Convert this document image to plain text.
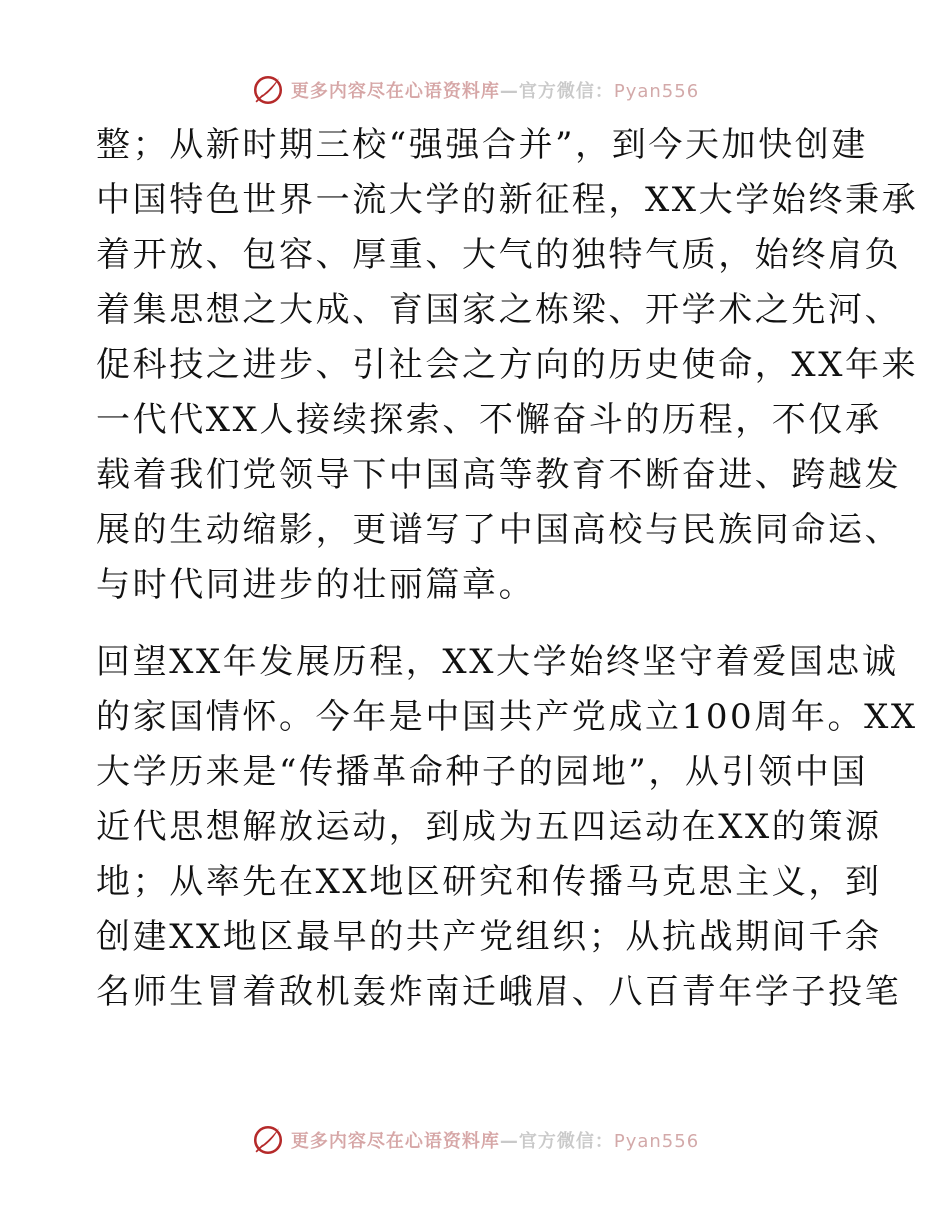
更多内容尽在心语资料库—官方微信：Pyan556
整；从新时期三校“强强合并”，到今天加快创建
中国特色世界一流大学的新征程，XX大学始终秉承
着开放、包容、厚重、大气的独特气质，始终肩负
着集思想之大成、育国家之栋梁、开学术之先河、
促科技之进步、引社会之方向的历史使命，XX年来
一代代XX人接续探索、不懈奋斗的历程，不仅承
载着我们党领导下中国高等教育不断奋进、跨越发
展的生动缩影，更谱写了中国高校与民族同命运、
与时代同进步的壮丽篇章。
回望XX年发展历程，XX大学始终坚守着爱国忠诚
的家国情怀。今年是中国共产党成立100周年。XX
大学历来是“传播革命种子的园地”，从引领中国
近代思想解放运动，到成为五四运动在XX的策源
地；从率先在XX地区研究和传播马克思主义，到
创建XX地区最早的共产党组织；从抗战期间千余
名师生冒着敌机轰炸南迁峨眉、八百青年学子投笔
更多内容尽在心语资料库—官方微信：Pyan556
